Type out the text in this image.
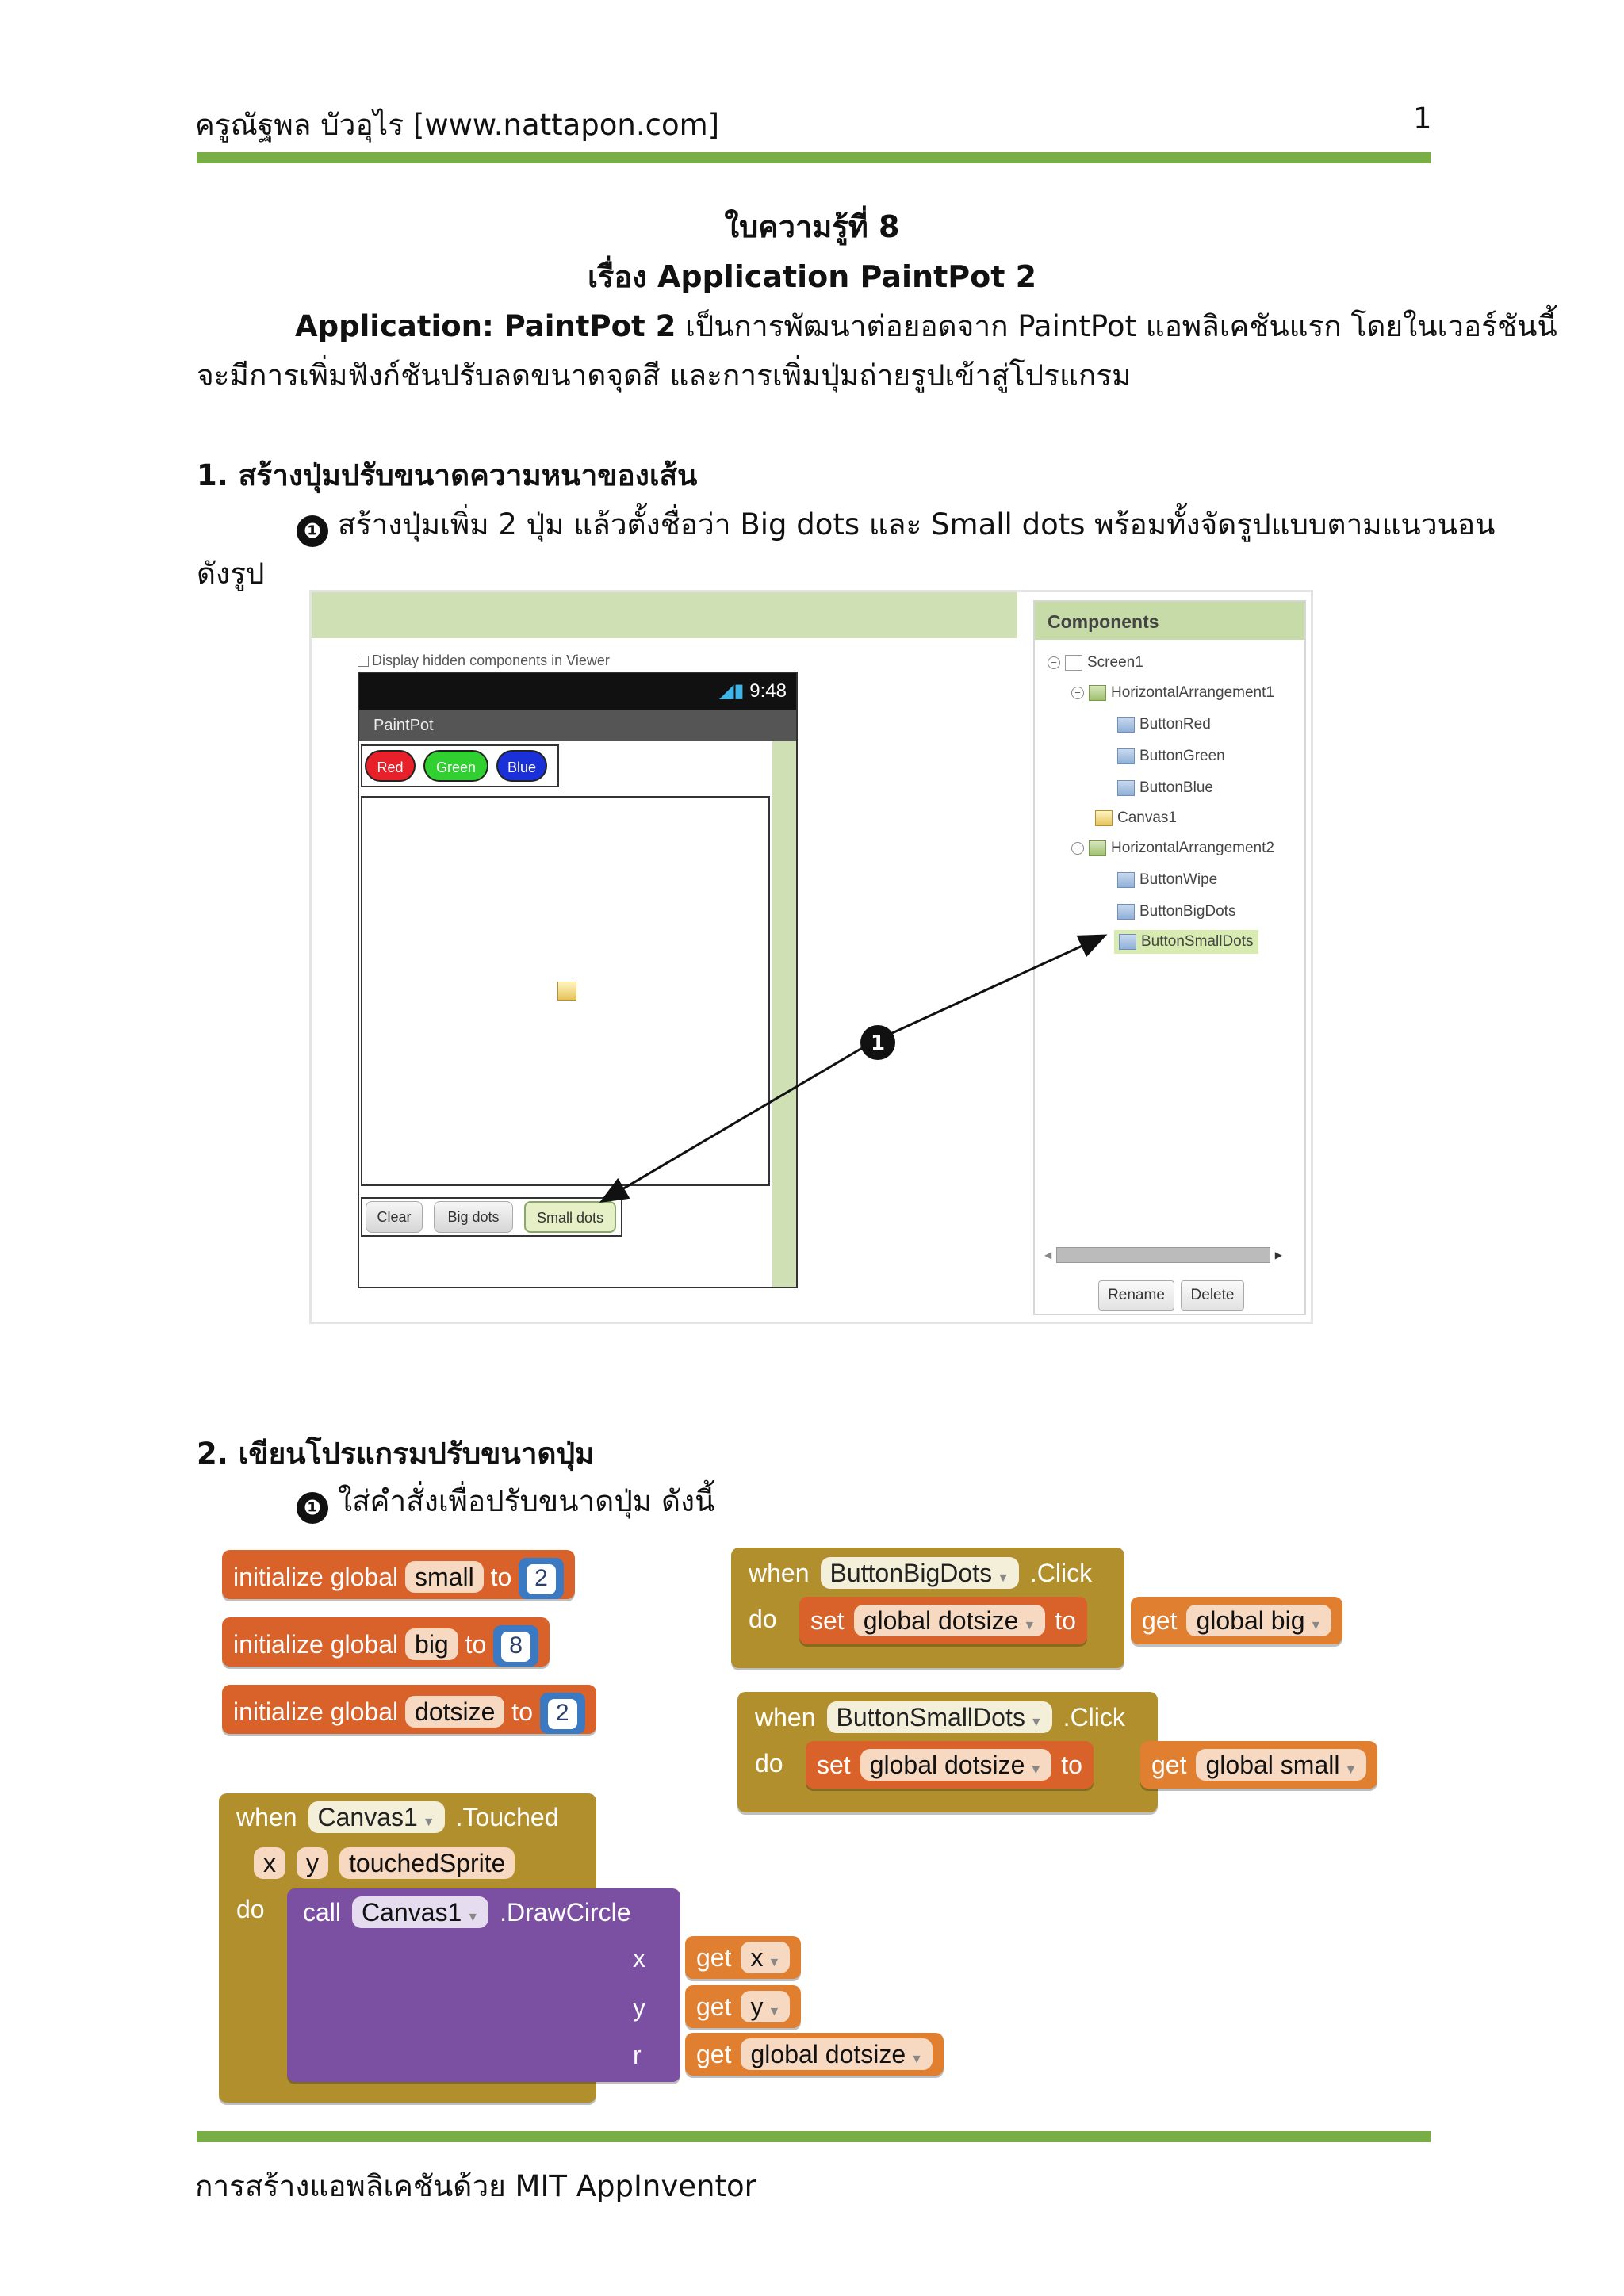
ครูณัฐพล บัวอุไร [www.nattapon.com]	1
ใบความรู้ที่ 8
เรื่อง Application PaintPot 2
Application: PaintPot 2 เป็นการพัฒนาต่อยอดจาก PaintPot แอพลิเคชันแรก โดยในเวอร์ชันนี้
จะมีการเพิ่มฟังก์ชันปรับลดขนาดจุดสี และการเพิ่มปุ่มถ่ายรูปเข้าสู่โปรแกรม
1. สร้างปุ่มปรับขนาดความหนาของเส้น
❶ สร้างปุ่มเพิ่ม 2 ปุ่ม แล้วตั้งชื่อว่า Big dots และ Small dots พร้อมทั้งจัดรูปแบบตามแนวนอน
ดังรูป
Display hidden components in Viewer
◢▮ 9:48
PaintPot
Red	Green	Blue
Clear	Big dots	Small dots
Components
− Screen1
− HorizontalArrangement1
ButtonRed
ButtonGreen
ButtonBlue
Canvas1
− HorizontalArrangement2
ButtonWipe
ButtonBigDots
ButtonSmallDots
◀	▶
Rename	Delete
1
2. เขียนโปรแกรมปรับขนาดปุ่ม
❶ ใส่คำสั่งเพื่อปรับขนาดปุ่ม ดังนี้
initialize global small to 2
initialize global big to 8
initialize global dotsize to 2
when ButtonBigDots ▼ .Click
do set global dotsize ▼ to	get global big ▼
when ButtonSmallDots ▼ .Click
do set global dotsize ▼ to	get global small ▼
when Canvas1 ▼ .Touched
x	y	touchedSprite
do call Canvas1 ▼ .DrawCircle
x
y
r
get x ▼
get y ▼
get global dotsize ▼
การสร้างแอพลิเคชันด้วย MIT AppInventor
